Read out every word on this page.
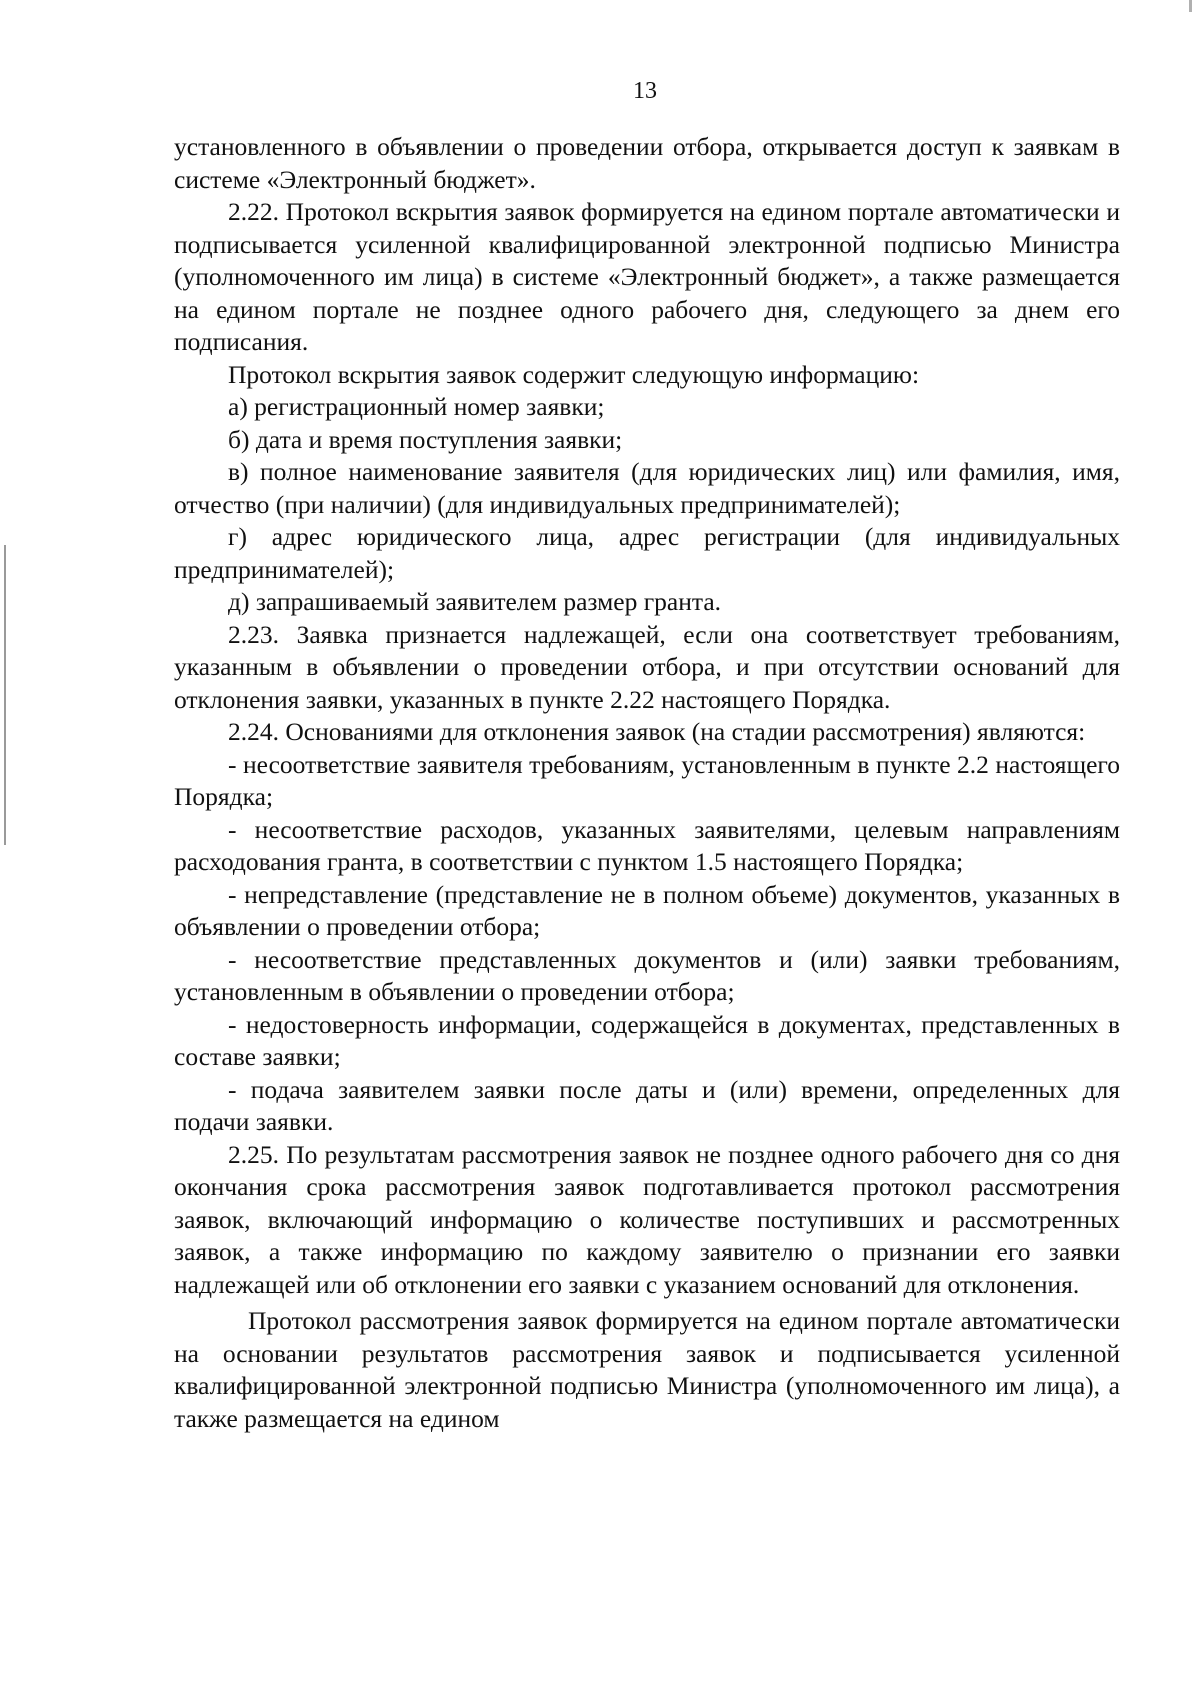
13

установленного в объявлении о проведении отбора, открывается доступ к заявкам в системе «Электронный бюджет».

2.22. Протокол вскрытия заявок формируется на едином портале автоматически и подписывается усиленной квалифицированной электронной подписью Министра (уполномоченного им лица) в системе «Электронный бюджет», а также размещается на едином портале не позднее одного рабочего дня, следующего за днем его подписания.

Протокол вскрытия заявок содержит следующую информацию:

а) регистрационный номер заявки;

б) дата и время поступления заявки;

в) полное наименование заявителя (для юридических лиц) или фамилия, имя, отчество (при наличии) (для индивидуальных предпринимателей);

г) адрес юридического лица, адрес регистрации (для индивидуальных предпринимателей);

д) запрашиваемый заявителем размер гранта.

2.23. Заявка признается надлежащей, если она соответствует требованиям, указанным в объявлении о проведении отбора, и при отсутствии оснований для отклонения заявки, указанных в пункте 2.22 настоящего Порядка.

2.24. Основаниями для отклонения заявок (на стадии рассмотрения) являются:

- несоответствие заявителя требованиям, установленным в пункте 2.2 настоящего Порядка;

- несоответствие расходов, указанных заявителями, целевым направлениям расходования гранта, в соответствии с пунктом 1.5 настоящего Порядка;

- непредставление (представление не в полном объеме) документов, указанных в объявлении о проведении отбора;

- несоответствие представленных документов и (или) заявки требованиям, установленным в объявлении о проведении отбора;

- недостоверность информации, содержащейся в документах, представленных в составе заявки;

- подача заявителем заявки после даты и (или) времени, определенных для подачи заявки.

2.25. По результатам рассмотрения заявок не позднее одного рабочего дня со дня окончания срока рассмотрения заявок подготавливается протокол рассмотрения заявок, включающий информацию о количестве поступивших и рассмотренных заявок, а также информацию по каждому заявителю о признании его заявки надлежащей или об отклонении его заявки с указанием оснований для отклонения.

Протокол рассмотрения заявок формируется на едином портале автоматически на основании результатов рассмотрения заявок и подписывается усиленной квалифицированной электронной подписью Министра (уполномоченного им лица), а также размещается на едином
